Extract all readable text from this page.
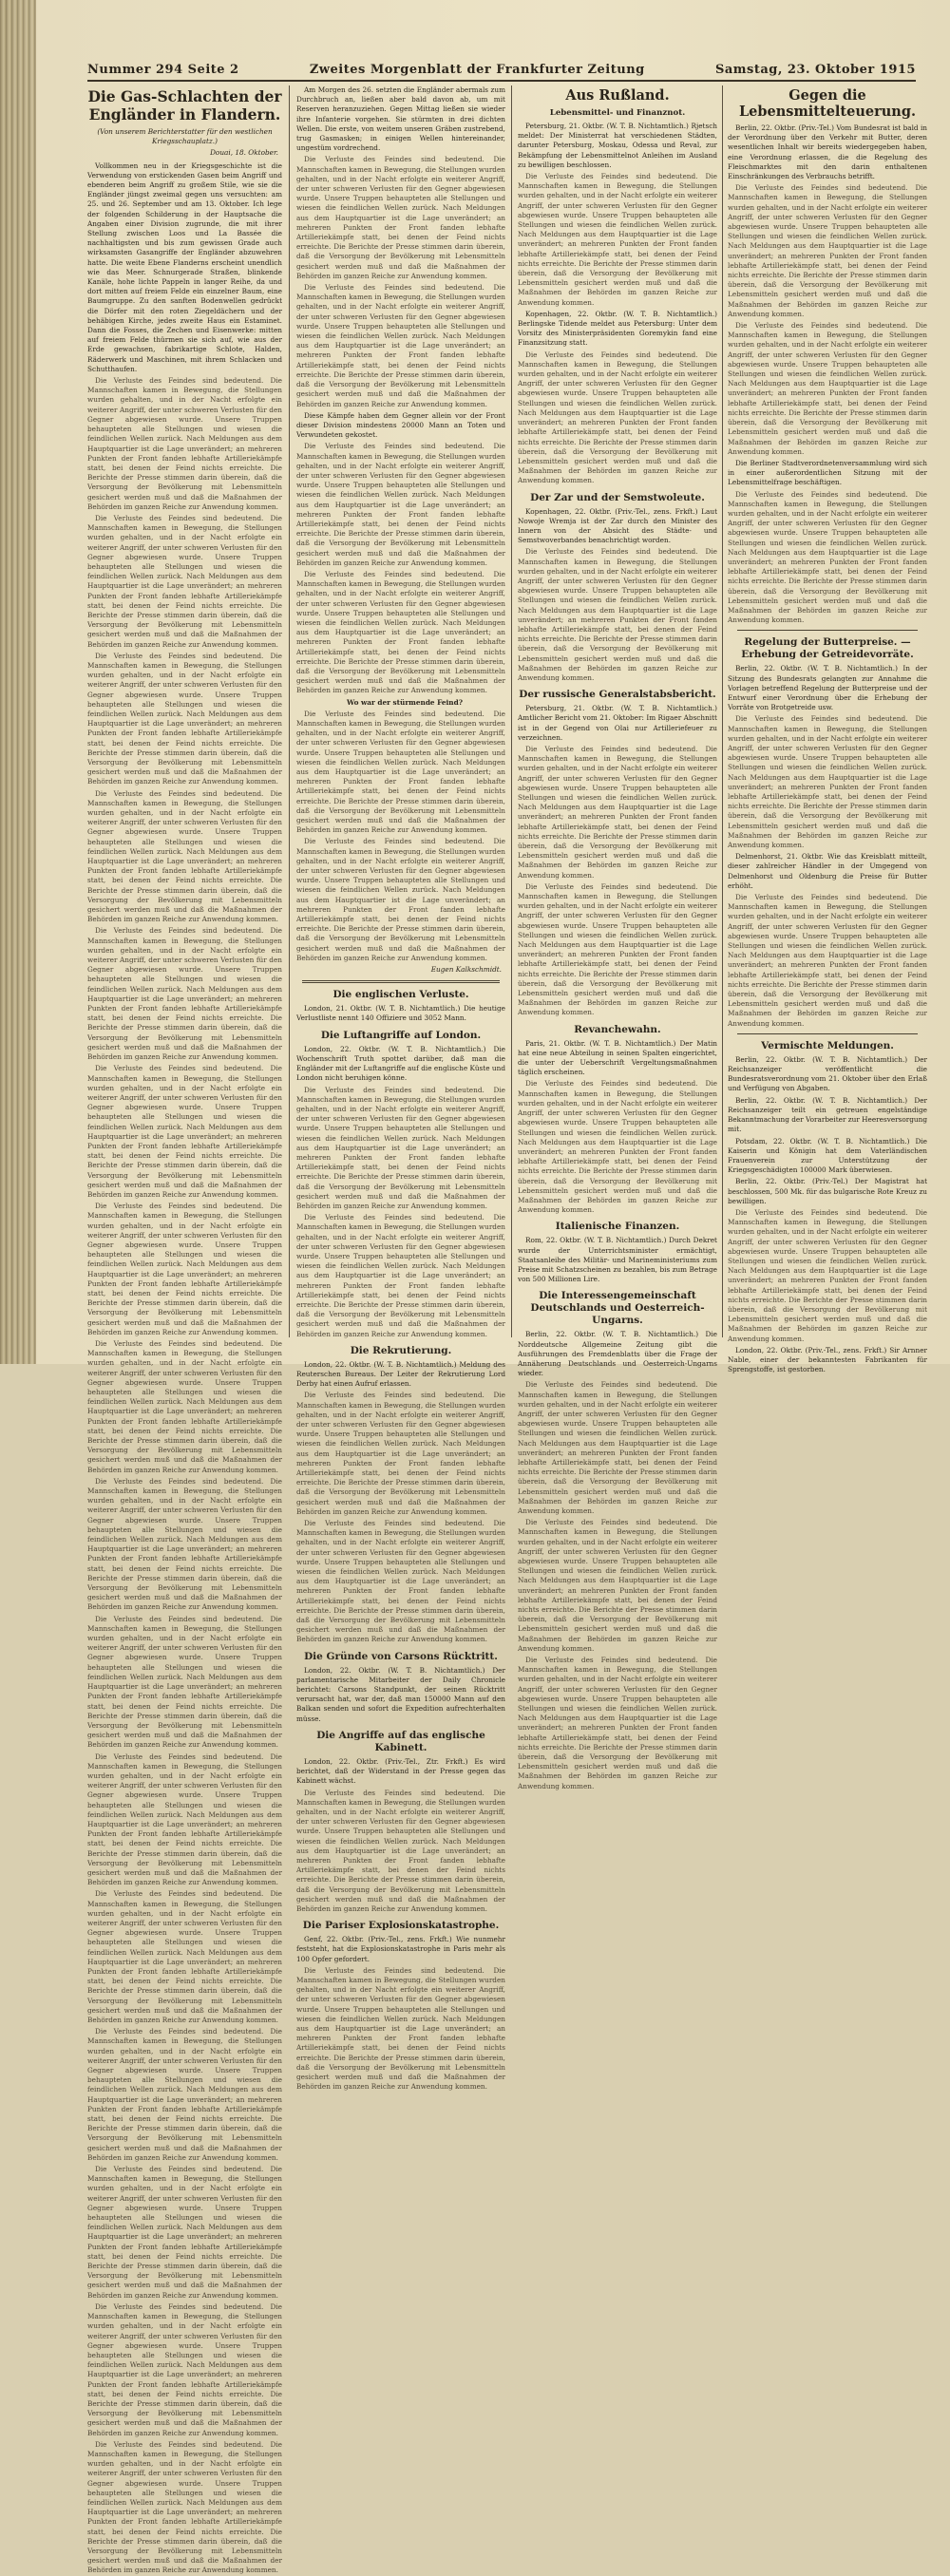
Nummer 294 Seite 2	Zweites Morgenblatt der Frankfurter Zeitung	Samstag, 23. Oktober 1915
Die Gas-Schlachten der Engländer in Flandern.

(Von unserem Berichterstatter für den westlichen Kriegsschauplatz.)

Douai, 18. Oktober.

Vollkommen neu in der Kriegsgeschichte ist die Verwendung von erstickenden Gasen beim Angriff und ebenderen beim Angriff zu großem Stile, wie sie die Engländer jüngst zweimal gegen uns versuchten: am 25. und 26. September und am 13. Oktober. Ich lege der folgenden Schilderung in der Hauptsache die Angaben einer Division zugrunde, die mit ihrer Stellung zwischen Loos und La Bassée die nachhaltigsten und bis zum gewissen Grade auch wirksamsten Gasangriffe der Engländer abzuwehren hatte. Die weite Ebene Flanderns erscheint unendlich wie das Meer. Schnurgerade Straßen, blinkende Kanäle, hohe lichte Pappeln in langer Reihe, da und dort mitten auf freiem Felde ein einzelner Baum, eine Baumgruppe. Zu den sanften Bodenwellen gedrückt die Dörfer mit den roten Ziegeldächern und der behäbigen Kirche, jedes zweite Haus ein Estaminet. Dann die Fosses, die Zechen und Eisenwerke: mitten auf freiem Felde thürmen sie sich auf, wie aus der Erde gewachsen, fabrikartige Schlote, Halden, Räderwerk und Maschinen, mit ihrem Schlacken und Schutthaufen.

Die Verluste des Feindes sind bedeutend. Die Mannschaften kamen in Bewegung, die Stellungen wurden gehalten, und in der Nacht erfolgte ein weiterer Angriff, der unter schweren Verlusten für den Gegner abgewiesen wurde. Unsere Truppen behaupteten alle Stellungen und wiesen die feindlichen Wellen zurück. Nach Meldungen aus dem Hauptquartier ist die Lage unverändert; an mehreren Punkten der Front fanden lebhafte Artilleriekämpfe statt, bei denen der Feind nichts erreichte. Die Berichte der Presse stimmen darin überein, daß die Versorgung der Bevölkerung mit Lebensmitteln gesichert werden muß und daß die Maßnahmen der Behörden im ganzen Reiche zur Anwendung kommen.

Die Verluste des Feindes sind bedeutend. Die Mannschaften kamen in Bewegung, die Stellungen wurden gehalten, und in der Nacht erfolgte ein weiterer Angriff, der unter schweren Verlusten für den Gegner abgewiesen wurde. Unsere Truppen behaupteten alle Stellungen und wiesen die feindlichen Wellen zurück. Nach Meldungen aus dem Hauptquartier ist die Lage unverändert; an mehreren Punkten der Front fanden lebhafte Artilleriekämpfe statt, bei denen der Feind nichts erreichte. Die Berichte der Presse stimmen darin überein, daß die Versorgung der Bevölkerung mit Lebensmitteln gesichert werden muß und daß die Maßnahmen der Behörden im ganzen Reiche zur Anwendung kommen.

Die Verluste des Feindes sind bedeutend. Die Mannschaften kamen in Bewegung, die Stellungen wurden gehalten, und in der Nacht erfolgte ein weiterer Angriff, der unter schweren Verlusten für den Gegner abgewiesen wurde. Unsere Truppen behaupteten alle Stellungen und wiesen die feindlichen Wellen zurück. Nach Meldungen aus dem Hauptquartier ist die Lage unverändert; an mehreren Punkten der Front fanden lebhafte Artilleriekämpfe statt, bei denen der Feind nichts erreichte. Die Berichte der Presse stimmen darin überein, daß die Versorgung der Bevölkerung mit Lebensmitteln gesichert werden muß und daß die Maßnahmen der Behörden im ganzen Reiche zur Anwendung kommen.

Die Verluste des Feindes sind bedeutend. Die Mannschaften kamen in Bewegung, die Stellungen wurden gehalten, und in der Nacht erfolgte ein weiterer Angriff, der unter schweren Verlusten für den Gegner abgewiesen wurde. Unsere Truppen behaupteten alle Stellungen und wiesen die feindlichen Wellen zurück. Nach Meldungen aus dem Hauptquartier ist die Lage unverändert; an mehreren Punkten der Front fanden lebhafte Artilleriekämpfe statt, bei denen der Feind nichts erreichte. Die Berichte der Presse stimmen darin überein, daß die Versorgung der Bevölkerung mit Lebensmitteln gesichert werden muß und daß die Maßnahmen der Behörden im ganzen Reiche zur Anwendung kommen.

Die Verluste des Feindes sind bedeutend. Die Mannschaften kamen in Bewegung, die Stellungen wurden gehalten, und in der Nacht erfolgte ein weiterer Angriff, der unter schweren Verlusten für den Gegner abgewiesen wurde. Unsere Truppen behaupteten alle Stellungen und wiesen die feindlichen Wellen zurück. Nach Meldungen aus dem Hauptquartier ist die Lage unverändert; an mehreren Punkten der Front fanden lebhafte Artilleriekämpfe statt, bei denen der Feind nichts erreichte. Die Berichte der Presse stimmen darin überein, daß die Versorgung der Bevölkerung mit Lebensmitteln gesichert werden muß und daß die Maßnahmen der Behörden im ganzen Reiche zur Anwendung kommen.

Die Verluste des Feindes sind bedeutend. Die Mannschaften kamen in Bewegung, die Stellungen wurden gehalten, und in der Nacht erfolgte ein weiterer Angriff, der unter schweren Verlusten für den Gegner abgewiesen wurde. Unsere Truppen behaupteten alle Stellungen und wiesen die feindlichen Wellen zurück. Nach Meldungen aus dem Hauptquartier ist die Lage unverändert; an mehreren Punkten der Front fanden lebhafte Artilleriekämpfe statt, bei denen der Feind nichts erreichte. Die Berichte der Presse stimmen darin überein, daß die Versorgung der Bevölkerung mit Lebensmitteln gesichert werden muß und daß die Maßnahmen der Behörden im ganzen Reiche zur Anwendung kommen.

Die Verluste des Feindes sind bedeutend. Die Mannschaften kamen in Bewegung, die Stellungen wurden gehalten, und in der Nacht erfolgte ein weiterer Angriff, der unter schweren Verlusten für den Gegner abgewiesen wurde. Unsere Truppen behaupteten alle Stellungen und wiesen die feindlichen Wellen zurück. Nach Meldungen aus dem Hauptquartier ist die Lage unverändert; an mehreren Punkten der Front fanden lebhafte Artilleriekämpfe statt, bei denen der Feind nichts erreichte. Die Berichte der Presse stimmen darin überein, daß die Versorgung der Bevölkerung mit Lebensmitteln gesichert werden muß und daß die Maßnahmen der Behörden im ganzen Reiche zur Anwendung kommen.

Die Verluste des Feindes sind bedeutend. Die Mannschaften kamen in Bewegung, die Stellungen wurden gehalten, und in der Nacht erfolgte ein weiterer Angriff, der unter schweren Verlusten für den Gegner abgewiesen wurde. Unsere Truppen behaupteten alle Stellungen und wiesen die feindlichen Wellen zurück. Nach Meldungen aus dem Hauptquartier ist die Lage unverändert; an mehreren Punkten der Front fanden lebhafte Artilleriekämpfe statt, bei denen der Feind nichts erreichte. Die Berichte der Presse stimmen darin überein, daß die Versorgung der Bevölkerung mit Lebensmitteln gesichert werden muß und daß die Maßnahmen der Behörden im ganzen Reiche zur Anwendung kommen.

Die Verluste des Feindes sind bedeutend. Die Mannschaften kamen in Bewegung, die Stellungen wurden gehalten, und in der Nacht erfolgte ein weiterer Angriff, der unter schweren Verlusten für den Gegner abgewiesen wurde. Unsere Truppen behaupteten alle Stellungen und wiesen die feindlichen Wellen zurück. Nach Meldungen aus dem Hauptquartier ist die Lage unverändert; an mehreren Punkten der Front fanden lebhafte Artilleriekämpfe statt, bei denen der Feind nichts erreichte. Die Berichte der Presse stimmen darin überein, daß die Versorgung der Bevölkerung mit Lebensmitteln gesichert werden muß und daß die Maßnahmen der Behörden im ganzen Reiche zur Anwendung kommen.

Die Verluste des Feindes sind bedeutend. Die Mannschaften kamen in Bewegung, die Stellungen wurden gehalten, und in der Nacht erfolgte ein weiterer Angriff, der unter schweren Verlusten für den Gegner abgewiesen wurde. Unsere Truppen behaupteten alle Stellungen und wiesen die feindlichen Wellen zurück. Nach Meldungen aus dem Hauptquartier ist die Lage unverändert; an mehreren Punkten der Front fanden lebhafte Artilleriekämpfe statt, bei denen der Feind nichts erreichte. Die Berichte der Presse stimmen darin überein, daß die Versorgung der Bevölkerung mit Lebensmitteln gesichert werden muß und daß die Maßnahmen der Behörden im ganzen Reiche zur Anwendung kommen.

Die Verluste des Feindes sind bedeutend. Die Mannschaften kamen in Bewegung, die Stellungen wurden gehalten, und in der Nacht erfolgte ein weiterer Angriff, der unter schweren Verlusten für den Gegner abgewiesen wurde. Unsere Truppen behaupteten alle Stellungen und wiesen die feindlichen Wellen zurück. Nach Meldungen aus dem Hauptquartier ist die Lage unverändert; an mehreren Punkten der Front fanden lebhafte Artilleriekämpfe statt, bei denen der Feind nichts erreichte. Die Berichte der Presse stimmen darin überein, daß die Versorgung der Bevölkerung mit Lebensmitteln gesichert werden muß und daß die Maßnahmen der Behörden im ganzen Reiche zur Anwendung kommen.

Die Verluste des Feindes sind bedeutend. Die Mannschaften kamen in Bewegung, die Stellungen wurden gehalten, und in der Nacht erfolgte ein weiterer Angriff, der unter schweren Verlusten für den Gegner abgewiesen wurde. Unsere Truppen behaupteten alle Stellungen und wiesen die feindlichen Wellen zurück. Nach Meldungen aus dem Hauptquartier ist die Lage unverändert; an mehreren Punkten der Front fanden lebhafte Artilleriekämpfe statt, bei denen der Feind nichts erreichte. Die Berichte der Presse stimmen darin überein, daß die Versorgung der Bevölkerung mit Lebensmitteln gesichert werden muß und daß die Maßnahmen der Behörden im ganzen Reiche zur Anwendung kommen.

Die Verluste des Feindes sind bedeutend. Die Mannschaften kamen in Bewegung, die Stellungen wurden gehalten, und in der Nacht erfolgte ein weiterer Angriff, der unter schweren Verlusten für den Gegner abgewiesen wurde. Unsere Truppen behaupteten alle Stellungen und wiesen die feindlichen Wellen zurück. Nach Meldungen aus dem Hauptquartier ist die Lage unverändert; an mehreren Punkten der Front fanden lebhafte Artilleriekämpfe statt, bei denen der Feind nichts erreichte. Die Berichte der Presse stimmen darin überein, daß die Versorgung der Bevölkerung mit Lebensmitteln gesichert werden muß und daß die Maßnahmen der Behörden im ganzen Reiche zur Anwendung kommen.

Die Verluste des Feindes sind bedeutend. Die Mannschaften kamen in Bewegung, die Stellungen wurden gehalten, und in der Nacht erfolgte ein weiterer Angriff, der unter schweren Verlusten für den Gegner abgewiesen wurde. Unsere Truppen behaupteten alle Stellungen und wiesen die feindlichen Wellen zurück. Nach Meldungen aus dem Hauptquartier ist die Lage unverändert; an mehreren Punkten der Front fanden lebhafte Artilleriekämpfe statt, bei denen der Feind nichts erreichte. Die Berichte der Presse stimmen darin überein, daß die Versorgung der Bevölkerung mit Lebensmitteln gesichert werden muß und daß die Maßnahmen der Behörden im ganzen Reiche zur Anwendung kommen.

Die Verluste des Feindes sind bedeutend. Die Mannschaften kamen in Bewegung, die Stellungen wurden gehalten, und in der Nacht erfolgte ein weiterer Angriff, der unter schweren Verlusten für den Gegner abgewiesen wurde. Unsere Truppen behaupteten alle Stellungen und wiesen die feindlichen Wellen zurück. Nach Meldungen aus dem Hauptquartier ist die Lage unverändert; an mehreren Punkten der Front fanden lebhafte Artilleriekämpfe statt, bei denen der Feind nichts erreichte. Die Berichte der Presse stimmen darin überein, daß die Versorgung der Bevölkerung mit Lebensmitteln gesichert werden muß und daß die Maßnahmen der Behörden im ganzen Reiche zur Anwendung kommen.

Die Verluste des Feindes sind bedeutend. Die Mannschaften kamen in Bewegung, die Stellungen wurden gehalten, und in der Nacht erfolgte ein weiterer Angriff, der unter schweren Verlusten für den Gegner abgewiesen wurde. Unsere Truppen behaupteten alle Stellungen und wiesen die feindlichen Wellen zurück. Nach Meldungen aus dem Hauptquartier ist die Lage unverändert; an mehreren Punkten der Front fanden lebhafte Artilleriekämpfe statt, bei denen der Feind nichts erreichte. Die Berichte der Presse stimmen darin überein, daß die Versorgung der Bevölkerung mit Lebensmitteln gesichert werden muß und daß die Maßnahmen der Behörden im ganzen Reiche zur Anwendung kommen.

Am Morgen des 26. setzten die Engländer abermals zum Durchbruch an, ließen aber bald davon ab, um mit Reserven heranzuziehen. Gegen Mittag ließen sie wieder ihre Infanterie vorgehen. Sie stürmten in drei dichten Wellen. Die erste, von weitem unseren Gräben zustrebend, trug Gasmasken; in einigen Wellen hintereinander, ungestüm vordrechend.

Die Verluste des Feindes sind bedeutend. Die Mannschaften kamen in Bewegung, die Stellungen wurden gehalten, und in der Nacht erfolgte ein weiterer Angriff, der unter schweren Verlusten für den Gegner abgewiesen wurde. Unsere Truppen behaupteten alle Stellungen und wiesen die feindlichen Wellen zurück. Nach Meldungen aus dem Hauptquartier ist die Lage unverändert; an mehreren Punkten der Front fanden lebhafte Artilleriekämpfe statt, bei denen der Feind nichts erreichte. Die Berichte der Presse stimmen darin überein, daß die Versorgung der Bevölkerung mit Lebensmitteln gesichert werden muß und daß die Maßnahmen der Behörden im ganzen Reiche zur Anwendung kommen.

Die Verluste des Feindes sind bedeutend. Die Mannschaften kamen in Bewegung, die Stellungen wurden gehalten, und in der Nacht erfolgte ein weiterer Angriff, der unter schweren Verlusten für den Gegner abgewiesen wurde. Unsere Truppen behaupteten alle Stellungen und wiesen die feindlichen Wellen zurück. Nach Meldungen aus dem Hauptquartier ist die Lage unverändert; an mehreren Punkten der Front fanden lebhafte Artilleriekämpfe statt, bei denen der Feind nichts erreichte. Die Berichte der Presse stimmen darin überein, daß die Versorgung der Bevölkerung mit Lebensmitteln gesichert werden muß und daß die Maßnahmen der Behörden im ganzen Reiche zur Anwendung kommen.

Diese Kämpfe haben dem Gegner allein vor der Front dieser Division mindestens 20000 Mann an Toten und Verwundeten gekostet.

Die Verluste des Feindes sind bedeutend. Die Mannschaften kamen in Bewegung, die Stellungen wurden gehalten, und in der Nacht erfolgte ein weiterer Angriff, der unter schweren Verlusten für den Gegner abgewiesen wurde. Unsere Truppen behaupteten alle Stellungen und wiesen die feindlichen Wellen zurück. Nach Meldungen aus dem Hauptquartier ist die Lage unverändert; an mehreren Punkten der Front fanden lebhafte Artilleriekämpfe statt, bei denen der Feind nichts erreichte. Die Berichte der Presse stimmen darin überein, daß die Versorgung der Bevölkerung mit Lebensmitteln gesichert werden muß und daß die Maßnahmen der Behörden im ganzen Reiche zur Anwendung kommen.

Die Verluste des Feindes sind bedeutend. Die Mannschaften kamen in Bewegung, die Stellungen wurden gehalten, und in der Nacht erfolgte ein weiterer Angriff, der unter schweren Verlusten für den Gegner abgewiesen wurde. Unsere Truppen behaupteten alle Stellungen und wiesen die feindlichen Wellen zurück. Nach Meldungen aus dem Hauptquartier ist die Lage unverändert; an mehreren Punkten der Front fanden lebhafte Artilleriekämpfe statt, bei denen der Feind nichts erreichte. Die Berichte der Presse stimmen darin überein, daß die Versorgung der Bevölkerung mit Lebensmitteln gesichert werden muß und daß die Maßnahmen der Behörden im ganzen Reiche zur Anwendung kommen.

Wo war der stürmende Feind?

Die Verluste des Feindes sind bedeutend. Die Mannschaften kamen in Bewegung, die Stellungen wurden gehalten, und in der Nacht erfolgte ein weiterer Angriff, der unter schweren Verlusten für den Gegner abgewiesen wurde. Unsere Truppen behaupteten alle Stellungen und wiesen die feindlichen Wellen zurück. Nach Meldungen aus dem Hauptquartier ist die Lage unverändert; an mehreren Punkten der Front fanden lebhafte Artilleriekämpfe statt, bei denen der Feind nichts erreichte. Die Berichte der Presse stimmen darin überein, daß die Versorgung der Bevölkerung mit Lebensmitteln gesichert werden muß und daß die Maßnahmen der Behörden im ganzen Reiche zur Anwendung kommen.

Die Verluste des Feindes sind bedeutend. Die Mannschaften kamen in Bewegung, die Stellungen wurden gehalten, und in der Nacht erfolgte ein weiterer Angriff, der unter schweren Verlusten für den Gegner abgewiesen wurde. Unsere Truppen behaupteten alle Stellungen und wiesen die feindlichen Wellen zurück. Nach Meldungen aus dem Hauptquartier ist die Lage unverändert; an mehreren Punkten der Front fanden lebhafte Artilleriekämpfe statt, bei denen der Feind nichts erreichte. Die Berichte der Presse stimmen darin überein, daß die Versorgung der Bevölkerung mit Lebensmitteln gesichert werden muß und daß die Maßnahmen der Behörden im ganzen Reiche zur Anwendung kommen.

Eugen Kalkschmidt.
Die englischen Verluste.

London, 21. Oktbr. (W. T. B. Nichtamtlich.) Die heutige Verlustliste nennt 140 Offiziere und 3052 Mann.

Die Luftangriffe auf London.

London, 22. Oktbr. (W. T. B. Nichtamtlich.) Die Wochenschrift Truth spottet darüber, daß man die Engländer mit der Luftangriffe auf die englische Küste und London nicht beruhigen könne.

Die Verluste des Feindes sind bedeutend. Die Mannschaften kamen in Bewegung, die Stellungen wurden gehalten, und in der Nacht erfolgte ein weiterer Angriff, der unter schweren Verlusten für den Gegner abgewiesen wurde. Unsere Truppen behaupteten alle Stellungen und wiesen die feindlichen Wellen zurück. Nach Meldungen aus dem Hauptquartier ist die Lage unverändert; an mehreren Punkten der Front fanden lebhafte Artilleriekämpfe statt, bei denen der Feind nichts erreichte. Die Berichte der Presse stimmen darin überein, daß die Versorgung der Bevölkerung mit Lebensmitteln gesichert werden muß und daß die Maßnahmen der Behörden im ganzen Reiche zur Anwendung kommen.

Die Verluste des Feindes sind bedeutend. Die Mannschaften kamen in Bewegung, die Stellungen wurden gehalten, und in der Nacht erfolgte ein weiterer Angriff, der unter schweren Verlusten für den Gegner abgewiesen wurde. Unsere Truppen behaupteten alle Stellungen und wiesen die feindlichen Wellen zurück. Nach Meldungen aus dem Hauptquartier ist die Lage unverändert; an mehreren Punkten der Front fanden lebhafte Artilleriekämpfe statt, bei denen der Feind nichts erreichte. Die Berichte der Presse stimmen darin überein, daß die Versorgung der Bevölkerung mit Lebensmitteln gesichert werden muß und daß die Maßnahmen der Behörden im ganzen Reiche zur Anwendung kommen.

Die Rekrutierung.

London, 22. Oktbr. (W. T. B. Nichtamtlich.) Meldung des Reuterschen Bureaus. Der Leiter der Rekrutierung Lord Derby hat einen Aufruf erlassen.

Die Verluste des Feindes sind bedeutend. Die Mannschaften kamen in Bewegung, die Stellungen wurden gehalten, und in der Nacht erfolgte ein weiterer Angriff, der unter schweren Verlusten für den Gegner abgewiesen wurde. Unsere Truppen behaupteten alle Stellungen und wiesen die feindlichen Wellen zurück. Nach Meldungen aus dem Hauptquartier ist die Lage unverändert; an mehreren Punkten der Front fanden lebhafte Artilleriekämpfe statt, bei denen der Feind nichts erreichte. Die Berichte der Presse stimmen darin überein, daß die Versorgung der Bevölkerung mit Lebensmitteln gesichert werden muß und daß die Maßnahmen der Behörden im ganzen Reiche zur Anwendung kommen.

Die Verluste des Feindes sind bedeutend. Die Mannschaften kamen in Bewegung, die Stellungen wurden gehalten, und in der Nacht erfolgte ein weiterer Angriff, der unter schweren Verlusten für den Gegner abgewiesen wurde. Unsere Truppen behaupteten alle Stellungen und wiesen die feindlichen Wellen zurück. Nach Meldungen aus dem Hauptquartier ist die Lage unverändert; an mehreren Punkten der Front fanden lebhafte Artilleriekämpfe statt, bei denen der Feind nichts erreichte. Die Berichte der Presse stimmen darin überein, daß die Versorgung der Bevölkerung mit Lebensmitteln gesichert werden muß und daß die Maßnahmen der Behörden im ganzen Reiche zur Anwendung kommen.

Die Gründe von Carsons Rücktritt.

London, 22. Oktbr. (W. T. B. Nichtamtlich.) Der parlamentarische Mitarbeiter der Daily Chronicle berichtet: Carsons Standpunkt, der seinen Rücktritt verursacht hat, war der, daß man 150000 Mann auf den Balkan senden und sofort die Expedition aufrechterhalten müsse.

Die Angriffe auf das englische Kabinett.

London, 22. Oktbr. (Priv.-Tel., Ztr. Frkft.) Es wird berichtet, daß der Widerstand in der Presse gegen das Kabinett wächst.

Die Verluste des Feindes sind bedeutend. Die Mannschaften kamen in Bewegung, die Stellungen wurden gehalten, und in der Nacht erfolgte ein weiterer Angriff, der unter schweren Verlusten für den Gegner abgewiesen wurde. Unsere Truppen behaupteten alle Stellungen und wiesen die feindlichen Wellen zurück. Nach Meldungen aus dem Hauptquartier ist die Lage unverändert; an mehreren Punkten der Front fanden lebhafte Artilleriekämpfe statt, bei denen der Feind nichts erreichte. Die Berichte der Presse stimmen darin überein, daß die Versorgung der Bevölkerung mit Lebensmitteln gesichert werden muß und daß die Maßnahmen der Behörden im ganzen Reiche zur Anwendung kommen.

Die Pariser Explosionskatastrophe.

Genf, 22. Oktbr. (Priv.-Tel., zens. Frkft.) Wie nunmehr feststeht, hat die Explosionskatastrophe in Paris mehr als 100 Opfer gefordert.

Die Verluste des Feindes sind bedeutend. Die Mannschaften kamen in Bewegung, die Stellungen wurden gehalten, und in der Nacht erfolgte ein weiterer Angriff, der unter schweren Verlusten für den Gegner abgewiesen wurde. Unsere Truppen behaupteten alle Stellungen und wiesen die feindlichen Wellen zurück. Nach Meldungen aus dem Hauptquartier ist die Lage unverändert; an mehreren Punkten der Front fanden lebhafte Artilleriekämpfe statt, bei denen der Feind nichts erreichte. Die Berichte der Presse stimmen darin überein, daß die Versorgung der Bevölkerung mit Lebensmitteln gesichert werden muß und daß die Maßnahmen der Behörden im ganzen Reiche zur Anwendung kommen.

Aus Rußland.
Lebensmittel- und Finanznot.

Petersburg, 21. Oktbr. (W. T. B. Nichtamtlich.) Rjetsch meldet: Der Ministerrat hat verschiedenen Städten, darunter Petersburg, Moskau, Odessa und Reval, zur Bekämpfung der Lebensmittelnot Anleihen im Ausland zu bewilligen beschlossen.

Die Verluste des Feindes sind bedeutend. Die Mannschaften kamen in Bewegung, die Stellungen wurden gehalten, und in der Nacht erfolgte ein weiterer Angriff, der unter schweren Verlusten für den Gegner abgewiesen wurde. Unsere Truppen behaupteten alle Stellungen und wiesen die feindlichen Wellen zurück. Nach Meldungen aus dem Hauptquartier ist die Lage unverändert; an mehreren Punkten der Front fanden lebhafte Artilleriekämpfe statt, bei denen der Feind nichts erreichte. Die Berichte der Presse stimmen darin überein, daß die Versorgung der Bevölkerung mit Lebensmitteln gesichert werden muß und daß die Maßnahmen der Behörden im ganzen Reiche zur Anwendung kommen.

Kopenhagen, 22. Oktbr. (W. T. B. Nichtamtlich.) Berlingske Tidende meldet aus Petersburg: Unter dem Vorsitz des Ministerpräsidenten Goremykin fand eine Finanzsitzung statt.

Die Verluste des Feindes sind bedeutend. Die Mannschaften kamen in Bewegung, die Stellungen wurden gehalten, und in der Nacht erfolgte ein weiterer Angriff, der unter schweren Verlusten für den Gegner abgewiesen wurde. Unsere Truppen behaupteten alle Stellungen und wiesen die feindlichen Wellen zurück. Nach Meldungen aus dem Hauptquartier ist die Lage unverändert; an mehreren Punkten der Front fanden lebhafte Artilleriekämpfe statt, bei denen der Feind nichts erreichte. Die Berichte der Presse stimmen darin überein, daß die Versorgung der Bevölkerung mit Lebensmitteln gesichert werden muß und daß die Maßnahmen der Behörden im ganzen Reiche zur Anwendung kommen.

Der Zar und der Semstwoleute.

Kopenhagen, 22. Oktbr. (Priv.-Tel., zens. Frkft.) Laut Nowoje Wremja ist der Zar durch den Minister des Innern von der Absicht des Städte- und Semstwoverbandes benachrichtigt worden.

Die Verluste des Feindes sind bedeutend. Die Mannschaften kamen in Bewegung, die Stellungen wurden gehalten, und in der Nacht erfolgte ein weiterer Angriff, der unter schweren Verlusten für den Gegner abgewiesen wurde. Unsere Truppen behaupteten alle Stellungen und wiesen die feindlichen Wellen zurück. Nach Meldungen aus dem Hauptquartier ist die Lage unverändert; an mehreren Punkten der Front fanden lebhafte Artilleriekämpfe statt, bei denen der Feind nichts erreichte. Die Berichte der Presse stimmen darin überein, daß die Versorgung der Bevölkerung mit Lebensmitteln gesichert werden muß und daß die Maßnahmen der Behörden im ganzen Reiche zur Anwendung kommen.

Der russische Generalstabsbericht.

Petersburg, 21. Oktbr. (W. T. B. Nichtamtlich.) Amtlicher Bericht vom 21. Oktober: Im Rigaer Abschnitt ist in der Gegend von Olai nur Artilleriefeuer zu verzeichnen.

Die Verluste des Feindes sind bedeutend. Die Mannschaften kamen in Bewegung, die Stellungen wurden gehalten, und in der Nacht erfolgte ein weiterer Angriff, der unter schweren Verlusten für den Gegner abgewiesen wurde. Unsere Truppen behaupteten alle Stellungen und wiesen die feindlichen Wellen zurück. Nach Meldungen aus dem Hauptquartier ist die Lage unverändert; an mehreren Punkten der Front fanden lebhafte Artilleriekämpfe statt, bei denen der Feind nichts erreichte. Die Berichte der Presse stimmen darin überein, daß die Versorgung der Bevölkerung mit Lebensmitteln gesichert werden muß und daß die Maßnahmen der Behörden im ganzen Reiche zur Anwendung kommen.

Die Verluste des Feindes sind bedeutend. Die Mannschaften kamen in Bewegung, die Stellungen wurden gehalten, und in der Nacht erfolgte ein weiterer Angriff, der unter schweren Verlusten für den Gegner abgewiesen wurde. Unsere Truppen behaupteten alle Stellungen und wiesen die feindlichen Wellen zurück. Nach Meldungen aus dem Hauptquartier ist die Lage unverändert; an mehreren Punkten der Front fanden lebhafte Artilleriekämpfe statt, bei denen der Feind nichts erreichte. Die Berichte der Presse stimmen darin überein, daß die Versorgung der Bevölkerung mit Lebensmitteln gesichert werden muß und daß die Maßnahmen der Behörden im ganzen Reiche zur Anwendung kommen.

Revanchewahn.

Paris, 21. Oktbr. (W. T. B. Nichtamtlich.) Der Matin hat eine neue Abteilung in seinen Spalten eingerichtet, die unter der Ueberschrift Vergeltungsmaßnahmen täglich erscheinen.

Die Verluste des Feindes sind bedeutend. Die Mannschaften kamen in Bewegung, die Stellungen wurden gehalten, und in der Nacht erfolgte ein weiterer Angriff, der unter schweren Verlusten für den Gegner abgewiesen wurde. Unsere Truppen behaupteten alle Stellungen und wiesen die feindlichen Wellen zurück. Nach Meldungen aus dem Hauptquartier ist die Lage unverändert; an mehreren Punkten der Front fanden lebhafte Artilleriekämpfe statt, bei denen der Feind nichts erreichte. Die Berichte der Presse stimmen darin überein, daß die Versorgung der Bevölkerung mit Lebensmitteln gesichert werden muß und daß die Maßnahmen der Behörden im ganzen Reiche zur Anwendung kommen.

Italienische Finanzen.

Rom, 22. Oktbr. (W. T. B. Nichtamtlich.) Durch Dekret wurde der Unterrichtsminister ermächtigt, Staatsanleihe des Militär- und Marineministeriums zum Preise mit Schatzscheinen zu bezahlen, bis zum Betrage von 500 Millionen Lire.

Die Interessengemeinschaft Deutschlands und Oesterreich-Ungarns.

Berlin, 22. Oktbr. (W. T. B. Nichtamtlich.) Die Norddeutsche Allgemeine Zeitung gibt die Ausführungen des Fremdenblatts über die Frage der Annäherung Deutschlands und Oesterreich-Ungarns wieder.

Die Verluste des Feindes sind bedeutend. Die Mannschaften kamen in Bewegung, die Stellungen wurden gehalten, und in der Nacht erfolgte ein weiterer Angriff, der unter schweren Verlusten für den Gegner abgewiesen wurde. Unsere Truppen behaupteten alle Stellungen und wiesen die feindlichen Wellen zurück. Nach Meldungen aus dem Hauptquartier ist die Lage unverändert; an mehreren Punkten der Front fanden lebhafte Artilleriekämpfe statt, bei denen der Feind nichts erreichte. Die Berichte der Presse stimmen darin überein, daß die Versorgung der Bevölkerung mit Lebensmitteln gesichert werden muß und daß die Maßnahmen der Behörden im ganzen Reiche zur Anwendung kommen.

Die Verluste des Feindes sind bedeutend. Die Mannschaften kamen in Bewegung, die Stellungen wurden gehalten, und in der Nacht erfolgte ein weiterer Angriff, der unter schweren Verlusten für den Gegner abgewiesen wurde. Unsere Truppen behaupteten alle Stellungen und wiesen die feindlichen Wellen zurück. Nach Meldungen aus dem Hauptquartier ist die Lage unverändert; an mehreren Punkten der Front fanden lebhafte Artilleriekämpfe statt, bei denen der Feind nichts erreichte. Die Berichte der Presse stimmen darin überein, daß die Versorgung der Bevölkerung mit Lebensmitteln gesichert werden muß und daß die Maßnahmen der Behörden im ganzen Reiche zur Anwendung kommen.

Die Verluste des Feindes sind bedeutend. Die Mannschaften kamen in Bewegung, die Stellungen wurden gehalten, und in der Nacht erfolgte ein weiterer Angriff, der unter schweren Verlusten für den Gegner abgewiesen wurde. Unsere Truppen behaupteten alle Stellungen und wiesen die feindlichen Wellen zurück. Nach Meldungen aus dem Hauptquartier ist die Lage unverändert; an mehreren Punkten der Front fanden lebhafte Artilleriekämpfe statt, bei denen der Feind nichts erreichte. Die Berichte der Presse stimmen darin überein, daß die Versorgung der Bevölkerung mit Lebensmitteln gesichert werden muß und daß die Maßnahmen der Behörden im ganzen Reiche zur Anwendung kommen.

Gegen die Lebensmittelteuerung.

Berlin, 22. Oktbr. (Priv.-Tel.) Vom Bundesrat ist bald in der Verordnung über den Verkehr mit Butter, deren wesentlichen Inhalt wir bereits wiedergegeben haben, eine Verordnung erlassen, die die Regelung des Fleischmarktes mit den darin enthaltenen Einschränkungen des Verbrauchs betrifft.

Die Verluste des Feindes sind bedeutend. Die Mannschaften kamen in Bewegung, die Stellungen wurden gehalten, und in der Nacht erfolgte ein weiterer Angriff, der unter schweren Verlusten für den Gegner abgewiesen wurde. Unsere Truppen behaupteten alle Stellungen und wiesen die feindlichen Wellen zurück. Nach Meldungen aus dem Hauptquartier ist die Lage unverändert; an mehreren Punkten der Front fanden lebhafte Artilleriekämpfe statt, bei denen der Feind nichts erreichte. Die Berichte der Presse stimmen darin überein, daß die Versorgung der Bevölkerung mit Lebensmitteln gesichert werden muß und daß die Maßnahmen der Behörden im ganzen Reiche zur Anwendung kommen.

Die Verluste des Feindes sind bedeutend. Die Mannschaften kamen in Bewegung, die Stellungen wurden gehalten, und in der Nacht erfolgte ein weiterer Angriff, der unter schweren Verlusten für den Gegner abgewiesen wurde. Unsere Truppen behaupteten alle Stellungen und wiesen die feindlichen Wellen zurück. Nach Meldungen aus dem Hauptquartier ist die Lage unverändert; an mehreren Punkten der Front fanden lebhafte Artilleriekämpfe statt, bei denen der Feind nichts erreichte. Die Berichte der Presse stimmen darin überein, daß die Versorgung der Bevölkerung mit Lebensmitteln gesichert werden muß und daß die Maßnahmen der Behörden im ganzen Reiche zur Anwendung kommen.

Die Berliner Stadtverordnetenversammlung wird sich in einer außerordentlichen Sitzung mit der Lebensmittelfrage beschäftigen.

Die Verluste des Feindes sind bedeutend. Die Mannschaften kamen in Bewegung, die Stellungen wurden gehalten, und in der Nacht erfolgte ein weiterer Angriff, der unter schweren Verlusten für den Gegner abgewiesen wurde. Unsere Truppen behaupteten alle Stellungen und wiesen die feindlichen Wellen zurück. Nach Meldungen aus dem Hauptquartier ist die Lage unverändert; an mehreren Punkten der Front fanden lebhafte Artilleriekämpfe statt, bei denen der Feind nichts erreichte. Die Berichte der Presse stimmen darin überein, daß die Versorgung der Bevölkerung mit Lebensmitteln gesichert werden muß und daß die Maßnahmen der Behörden im ganzen Reiche zur Anwendung kommen.

Regelung der Butterpreise. — Erhebung der Getreidevorräte.

Berlin, 22. Oktbr. (W. T. B. Nichtamtlich.) In der Sitzung des Bundesrats gelangten zur Annahme die Vorlagen betreffend Regelung der Butterpreise und der Entwurf einer Verordnung über die Erhebung der Vorräte von Brotgetreide usw.

Die Verluste des Feindes sind bedeutend. Die Mannschaften kamen in Bewegung, die Stellungen wurden gehalten, und in der Nacht erfolgte ein weiterer Angriff, der unter schweren Verlusten für den Gegner abgewiesen wurde. Unsere Truppen behaupteten alle Stellungen und wiesen die feindlichen Wellen zurück. Nach Meldungen aus dem Hauptquartier ist die Lage unverändert; an mehreren Punkten der Front fanden lebhafte Artilleriekämpfe statt, bei denen der Feind nichts erreichte. Die Berichte der Presse stimmen darin überein, daß die Versorgung der Bevölkerung mit Lebensmitteln gesichert werden muß und daß die Maßnahmen der Behörden im ganzen Reiche zur Anwendung kommen.

Delmenhorst, 21. Oktbr. Wie das Kreisblatt mitteilt, dieser zahlreicher Händler in der Umgegend von Delmenhorst und Oldenburg die Preise für Butter erhöht.

Die Verluste des Feindes sind bedeutend. Die Mannschaften kamen in Bewegung, die Stellungen wurden gehalten, und in der Nacht erfolgte ein weiterer Angriff, der unter schweren Verlusten für den Gegner abgewiesen wurde. Unsere Truppen behaupteten alle Stellungen und wiesen die feindlichen Wellen zurück. Nach Meldungen aus dem Hauptquartier ist die Lage unverändert; an mehreren Punkten der Front fanden lebhafte Artilleriekämpfe statt, bei denen der Feind nichts erreichte. Die Berichte der Presse stimmen darin überein, daß die Versorgung der Bevölkerung mit Lebensmitteln gesichert werden muß und daß die Maßnahmen der Behörden im ganzen Reiche zur Anwendung kommen.

Vermischte Meldungen.

Berlin, 22. Oktbr. (W. T. B. Nichtamtlich.) Der Reichsanzeiger veröffentlicht die Bundesratsverordnung vom 21. Oktober über den Erlaß und Verfügung von Abgaben.

Berlin, 22. Oktbr. (W. T. B. Nichtamtlich.) Der Reichsanzeiger teilt ein getreuen engelständige Bekanntmachung der Vorarbeiter zur Heeresversorgung mit.

Potsdam, 22. Oktbr. (W. T. B. Nichtamtlich.) Die Kaiserin und Königin hat dem Vaterländischen Frauenverein zur Unterstützung der Kriegsgeschädigten 100000 Mark überwiesen.

Berlin, 22. Oktbr. (Priv.-Tel.) Der Magistrat hat beschlossen, 500 Mk. für das bulgarische Rote Kreuz zu bewilligen.

Die Verluste des Feindes sind bedeutend. Die Mannschaften kamen in Bewegung, die Stellungen wurden gehalten, und in der Nacht erfolgte ein weiterer Angriff, der unter schweren Verlusten für den Gegner abgewiesen wurde. Unsere Truppen behaupteten alle Stellungen und wiesen die feindlichen Wellen zurück. Nach Meldungen aus dem Hauptquartier ist die Lage unverändert; an mehreren Punkten der Front fanden lebhafte Artilleriekämpfe statt, bei denen der Feind nichts erreichte. Die Berichte der Presse stimmen darin überein, daß die Versorgung der Bevölkerung mit Lebensmitteln gesichert werden muß und daß die Maßnahmen der Behörden im ganzen Reiche zur Anwendung kommen.

London, 22. Oktbr. (Priv.-Tel., zens. Frkft.) Sir Arnner Nable, einer der bekanntesten Fabrikanten für Sprengstoffe, ist gestorben.
